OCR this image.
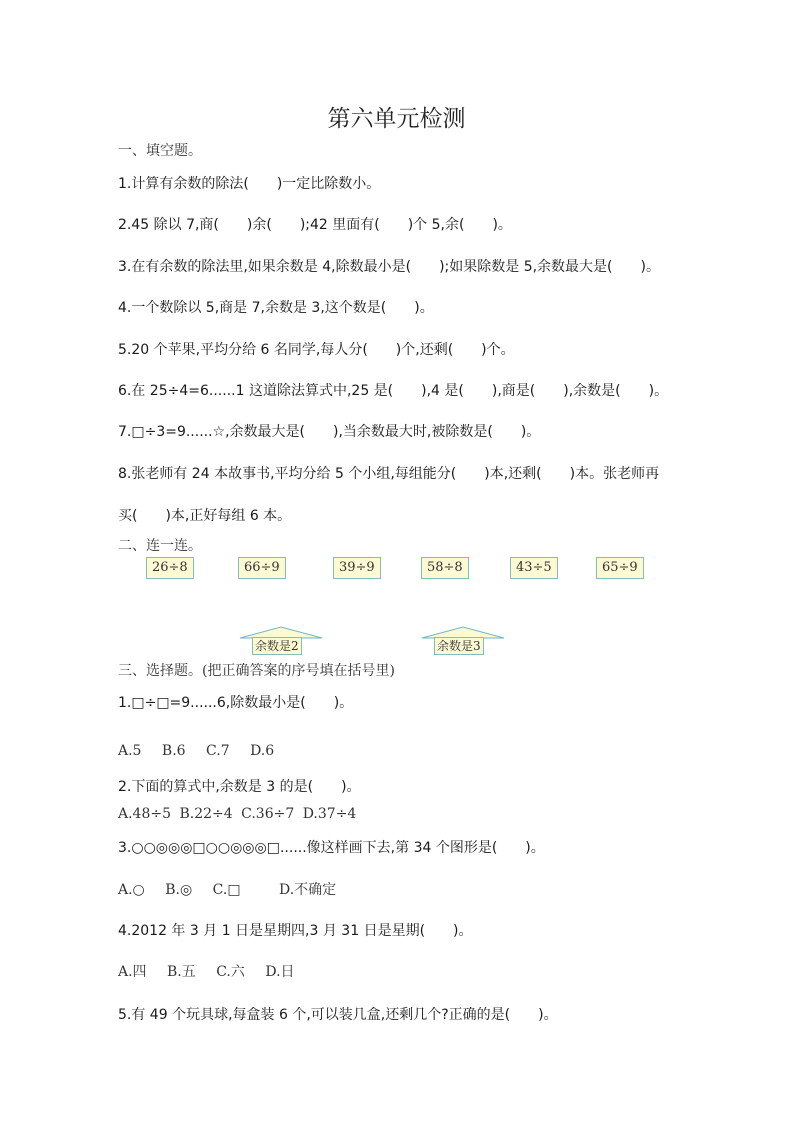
第六单元检测
一、填空题。
1.计算有余数的除法(　　)一定比除数小。
2.45 除以 7,商(　　)余(　　);42 里面有(　　)个 5,余(　　)。
3.在有余数的除法里,如果余数是 4,除数最小是(　　);如果除数是 5,余数最大是(　　)。
4.一个数除以 5,商是 7,余数是 3,这个数是(　　)。
5.20 个苹果,平均分给 6 名同学,每人分(　　)个,还剩(　　)个。
6.在 25÷4=6......1 这道除法算式中,25 是(　　),4 是(　　),商是(　　),余数是(　　)。
7.□÷3=9......☆,余数最大是(　　),当余数最大时,被除数是(　　)。
8.张老师有 24 本故事书,平均分给 5 个小组,每组能分(　　)本,还剩(　　)本。张老师再
买(　　)本,正好每组 6 本。
二、连一连。
26÷8	66÷9	39÷9	58÷8	43÷5	65÷9
余数是2	余数是3
三、选择题。(把正确答案的序号填在括号里)
1.□÷□=9......6,除数最小是(　　)。
A.5 B.6 C.7 D.6
2.下面的算式中,余数是 3 的是(　　)。
A.48÷5 B.22÷4 C.36÷7 D.37÷4
3.○○◎◎◎□○○◎◎◎□......像这样画下去,第 34 个图形是(　　)。
A.○ B.◎ C.□	D.不确定
4.2012 年 3 月 1 日是星期四,3 月 31 日是星期(　　)。
A.四 B.五 C.六 D.日
5.有 49 个玩具球,每盒装 6 个,可以装几盒,还剩几个?正确的是(　　)。
